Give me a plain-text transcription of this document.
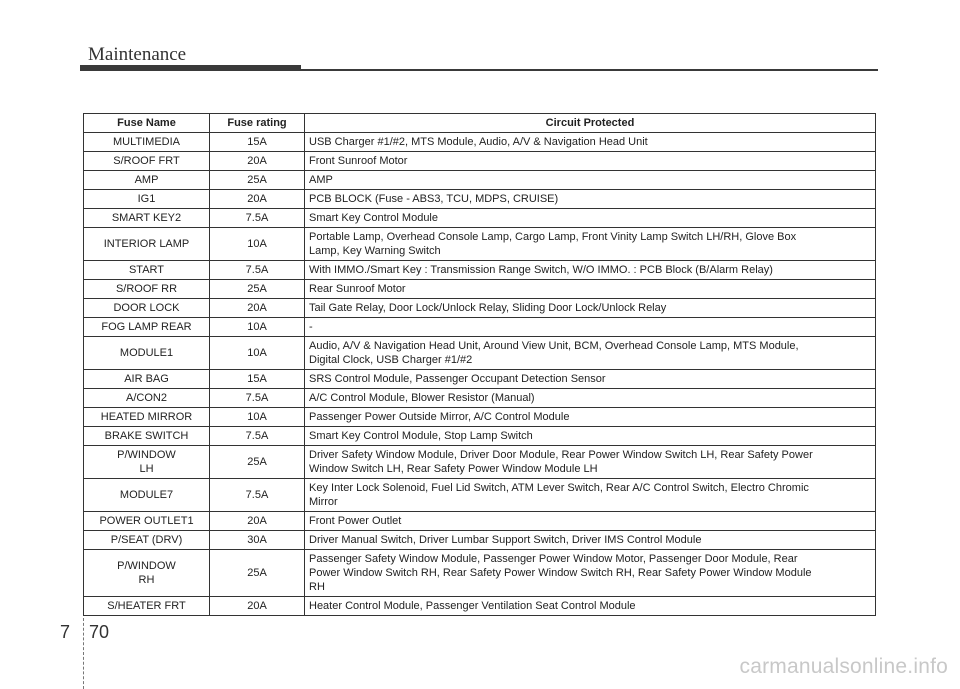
Maintenance
Fuse Name	Fuse rating	Circuit Protected
MULTIMEDIA	15A	USB Charger #1/#2, MTS Module, Audio, A/V & Navigation Head Unit
S/ROOF FRT	20A	Front Sunroof Motor
AMP	25A	AMP
IG1	20A	PCB BLOCK (Fuse - ABS3, TCU, MDPS, CRUISE)
SMART KEY2	7.5A	Smart Key Control Module
INTERIOR LAMP	10A	Portable Lamp, Overhead Console Lamp, Cargo Lamp, Front Vinity Lamp Switch LH/RH, Glove Box
Lamp, Key Warning Switch
START	7.5A	With IMMO./Smart Key : Transmission Range Switch, W/O IMMO. : PCB Block (B/Alarm Relay)
S/ROOF RR	25A	Rear Sunroof Motor
DOOR LOCK	20A	Tail Gate Relay, Door Lock/Unlock Relay, Sliding Door Lock/Unlock Relay
FOG LAMP REAR	10A	-
MODULE1	10A	Audio, A/V & Navigation Head Unit, Around View Unit, BCM, Overhead Console Lamp, MTS Module,
Digital Clock, USB Charger #1/#2
AIR BAG	15A	SRS Control Module, Passenger Occupant Detection Sensor
A/CON2	7.5A	A/C Control Module, Blower Resistor (Manual)
HEATED MIRROR	10A	Passenger Power Outside Mirror, A/C Control Module
BRAKE SWITCH	7.5A	Smart Key Control Module, Stop Lamp Switch
P/WINDOW
LH	25A	Driver Safety Window Module, Driver Door Module, Rear Power Window Switch LH, Rear Safety Power
Window Switch LH, Rear Safety Power Window Module LH
MODULE7	7.5A	Key Inter Lock Solenoid, Fuel Lid Switch, ATM Lever Switch, Rear A/C Control Switch, Electro Chromic
Mirror
POWER OUTLET1	20A	Front Power Outlet
P/SEAT (DRV)	30A	Driver Manual Switch, Driver Lumbar Support Switch, Driver IMS Control Module
P/WINDOW
RH	25A	Passenger Safety Window Module, Passenger Power Window Motor, Passenger Door Module, Rear
Power Window Switch RH, Rear Safety Power Window Switch RH, Rear Safety Power Window Module
RH
S/HEATER FRT	20A	Heater Control Module, Passenger Ventilation Seat Control Module
7 70
carmanualsonline.info
